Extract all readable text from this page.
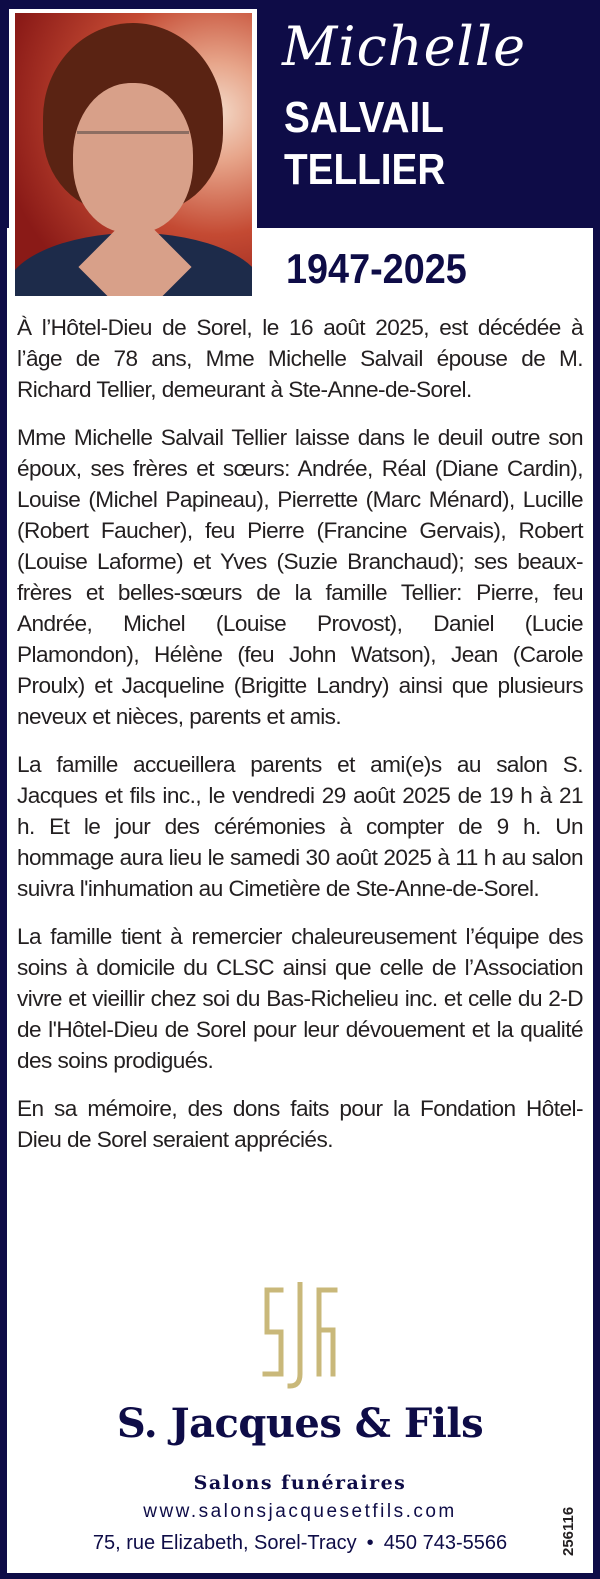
Michelle
SALVAIL
TELLIER
1947-2025

À l’Hôtel-Dieu de Sorel, le 16 août 2025, est décédée à l’âge de 78 ans, Mme Michelle Salvail épouse de M. Richard Tellier, demeurant à Ste-Anne-de-Sorel.

Mme Michelle Salvail Tellier laisse dans le deuil outre son époux, ses frères et sœurs: Andrée, Réal (Diane Cardin), Louise (Michel Papineau), Pierrette (Marc Ménard), Lucille (Robert Faucher), feu Pierre (Francine Gervais), Robert (Louise Laforme) et Yves (Suzie Branchaud); ses beaux-frères et belles-sœurs de la famille Tellier: Pierre, feu Andrée, Michel (Louise Provost), Daniel (Lucie Plamondon), Hélène (feu John Watson), Jean (Carole Proulx) et Jacqueline (Brigitte Landry) ainsi que plusieurs neveux et nièces, parents et amis.

La famille accueillera parents et ami(e)s au salon S. Jacques et fils inc., le vendredi 29 août 2025 de 19 h à 21 h. Et le jour des cérémonies à compter de 9 h. Un hommage aura lieu le samedi 30 août 2025 à 11 h au salon suivra l'inhumation au Cimetière de Ste-Anne-de-Sorel.

La famille tient à remercier chaleureusement l’équipe des soins à domicile du CLSC ainsi que celle de l’Association vivre et vieillir chez soi du Bas-Richelieu inc. et celle du 2-D de l'Hôtel-Dieu de Sorel pour leur dévouement et la qualité des soins prodigués.

En sa mémoire, des dons faits pour la Fondation Hôtel-Dieu de Sorel seraient appréciés.

S. Jacques & Fils
Salons funéraires
www.salonsjacquesetfils.com
75, rue Elizabeth, Sorel-Tracy • 450 743-5566	256116
